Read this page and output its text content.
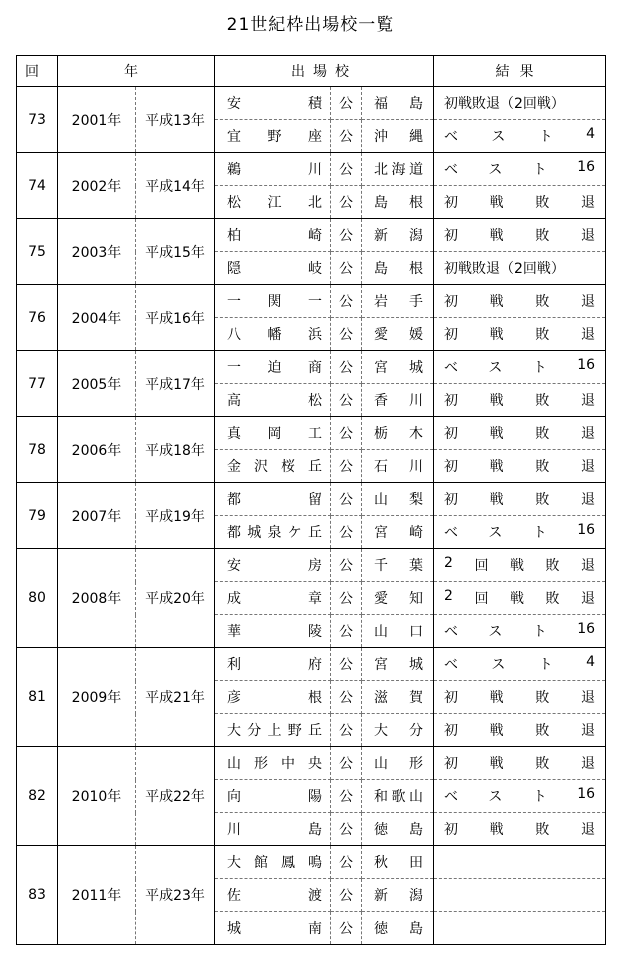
21世紀枠出場校一覧
回	年		出場校			結果
73	2001年	平成13年	安 積	公	福 島	初戦敗退（2回戦）

			宜 野 座	公	沖 縄	ベ ス ト 4

74	2002年	平成14年	鵜 川	公	北 海 道	ベ ス ト 16

			松 江 北	公	島 根	初 戦 敗 退

75	2003年	平成15年	柏 崎	公	新 潟	初 戦 敗 退

			隠 岐	公	島 根	初戦敗退（2回戦）

76	2004年	平成16年	一 関 一	公	岩 手	初 戦 敗 退

			八 幡 浜	公	愛 媛	初 戦 敗 退

77	2005年	平成17年	一 迫 商	公	宮 城	ベ ス ト 16

			高 松	公	香 川	初 戦 敗 退

78	2006年	平成18年	真 岡 工	公	栃 木	初 戦 敗 退

			金 沢 桜 丘	公	石 川	初 戦 敗 退

79	2007年	平成19年	都 留	公	山 梨	初 戦 敗 退

			都 城 泉 ケ 丘	公	宮 崎	ベ ス ト 16

80	2008年	平成20年	安 房	公	千 葉	2 回 戦 敗 退

			成 章	公	愛 知	2 回 戦 敗 退

			華 陵	公	山 口	ベ ス ト 16

81	2009年	平成21年	利 府	公	宮 城	ベ ス ト 4

			彦 根	公	滋 賀	初 戦 敗 退

			大 分 上 野 丘	公	大 分	初 戦 敗 退

82	2010年	平成22年	山 形 中 央	公	山 形	初 戦 敗 退

			向 陽	公	和 歌 山	ベ ス ト 16

			川 島	公	徳 島	初 戦 敗 退

83	2011年	平成23年	大 館 鳳 鳴	公	秋 田	

			佐 渡	公	新 潟	

			城 南	公	徳 島	
